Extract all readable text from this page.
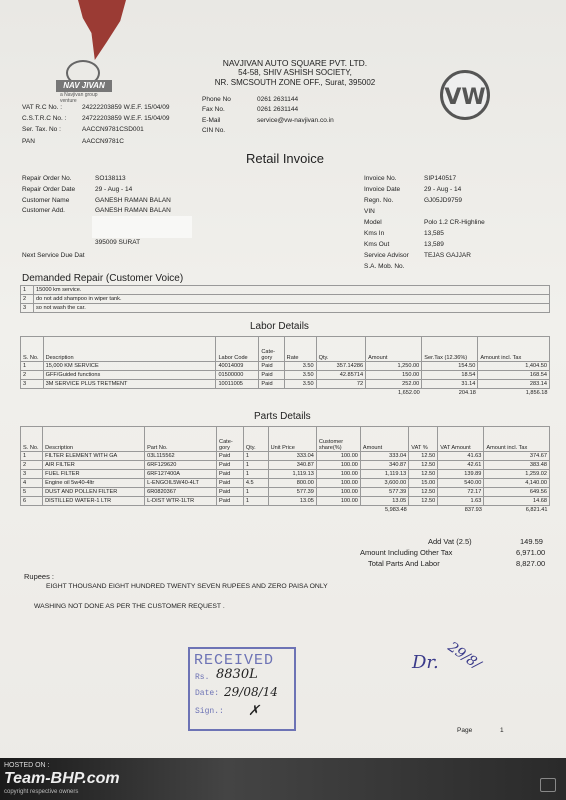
NAV JIVAN
a Navjivan group venture
NAVJIVAN AUTO SQUARE PVT. LTD.
54-58, SHIV ASHISH SOCIETY,
NR. SMCSOUTH ZONE OFF., Surat, 395002
VW
Phone No	0261 2631144
Fax No.	0261 2631144
E-Mail	service@vw-navjivan.co.in
CIN No.
VAT R.C No. :	24222203859 W.E.F. 15/04/09
C.S.T.R.C No. : 24722203859 W.E.F. 15/04/09
Ser. Tax. No :	AACCN9781CSD001
PAN	AACCN9781C
Retail Invoice
Repair Order No.	SO138113
Repair Order Date	29 - Aug - 14
Customer Name	GANESH RAMAN BALAN
Customer Add.	GANESH RAMAN BALAN
395009 SURAT
Next Service Due Dat
Invoice No.	SIP140517
Invoice Date	29 - Aug - 14
Regn. No.	GJ05JD9759
VIN
Model	Polo 1.2 CR-Highline
Kms In	13,585
Kms Out	13,589
Service Advisor TEJAS GAJJAR
S.A. Mob. No.
Demanded Repair (Customer Voice)
1	15000 km service.
2	do not add shampoo in wiper tank.
3	so not wash the car.
Labor Details
S. No.	Description	Labor Code	Cate- gory	Rate	Qty.	Amount	Ser.Tax (12.36%)	Amount incl. Tax
1	15,000 KM SERVICE	40014009	Paid	3.50	357.14286	1,250.00	154.50	1,404.50
2	GFF/Guided functions	01500000	Paid	3.50	42.85714	150.00	18.54	168.54
3	3M SERVICE PLUS TRETMENT	10011005	Paid	3.50	72	252.00	31.14	283.14
						1,652.00	204.18	1,856.18
Parts Details
S. No.	Description	Part No.	Cate- gory	Qty.	Unit Price	Customer share(%)	Amount	VAT %	VAT Amount	Amount incl. Tax
1	FILTER ELEMENT WITH GA	03L115562	Paid	1	333.04	100.00	333.04	12.50	41.63	374.67
2	AIR FILTER	6RF129620	Paid	1	340.87	100.00	340.87	12.50	42.61	383.48
3	FUEL FILTER	6RF127400A	Paid	1	1,119.13	100.00	1,119.13	12.50	139.89	1,259.02
4	Engine oil 5w40-4ltr	L-ENGOIL5W40-4LT	Paid	4.5	800.00	100.00	3,600.00	15.00	540.00	4,140.00
5	DUST AND POLLEN FILTER	6R0820367	Paid	1	577.39	100.00	577.39	12.50	72.17	649.56
6	DISTILLED WATER-1 LTR	L-DIST WTR-1LTR	Paid	1	13.05	100.00	13.05	12.50	1.63	14.68
							5,983.48		837.93	6,821.41
Add Vat (2.5)	149.59
Amount Including Other Tax	6,971.00
Total Parts And Labor	8,827.00
Rupees :
EIGHT THOUSAND EIGHT HUNDRED TWENTY SEVEN RUPEES AND ZERO PAISA ONLY
WASHING NOT DONE AS PER THE CUSTOMER REQUEST .
RECEIVED
Rs.
Date:
Sign.:
8830L
29/08/14
✗
Dr. 29/8/
Page	1
HOSTED ON :
Team-BHP.com
copyright respective owners
